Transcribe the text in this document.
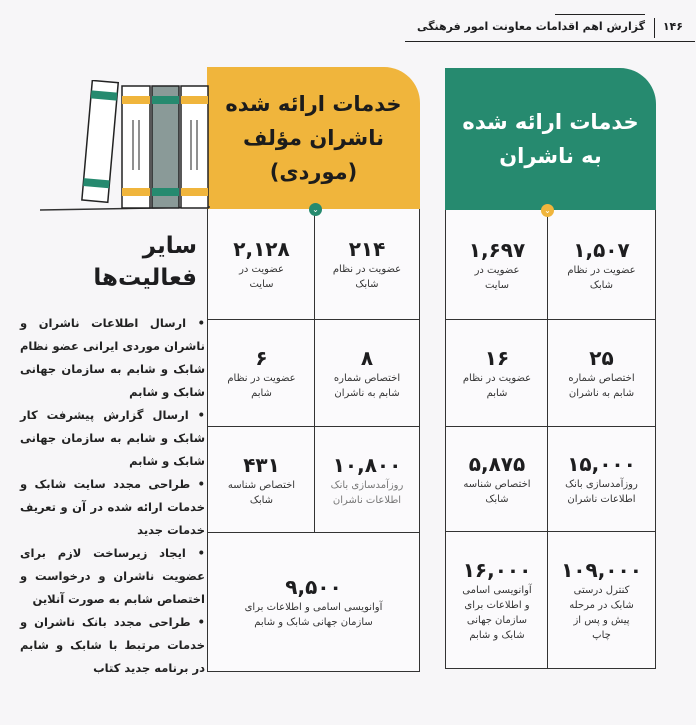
۱۴۶
گزارش اهم اقدامات معاونت امور فرهنگی
خدمات ارائه شده
به ناشران
۱,۵۰۷
عضویت در نظام شابک
۱,۶۹۷
عضویت در سایت
۲۵
اختصاص شماره شابم به ناشران
۱۶
عضویت در نظام شابم
۱۵,۰۰۰
روزآمدسازی بانک اطلاعات ناشران
۵,۸۷۵
اختصاص شناسه شابک
۱۰۹,۰۰۰
کنترل درستی شابک در مرحله پیش و پس از چاپ
۱۶,۰۰۰
آوانویسی اسامی و اطلاعات برای سازمان جهانی شابک و شابم
⌄
خدمات ارائه شده
ناشران مؤلف (موردی)
۲۱۴
عضویت در نظام شابک
۲,۱۲۸
عضویت در سایت
۸
اختصاص شماره شابم به ناشران
۶
عضویت در نظام شابم
۱۰,۸۰۰
روزآمدسازی بانک اطلاعات ناشران
۴۳۱
اختصاص شناسه شابک
۹,۵۰۰
آوانویسی اسامی و اطلاعات برای سازمان جهانی شابک و شابم
⌄
سایر
فعالیت‌ها
• ارسال اطلاعات ناشران و ناشران موردی ایرانی عضو نظام شابک و شابم به سازمان جهانی شابک و شابم
• ارسال گزارش پیشرفت کار شابک و شابم به سازمان جهانی شابک و شابم
• طراحی مجدد سایت شابک و خدمات ارائه شده در آن و تعریف خدمات جدید
• ایجاد زیرساخت لازم برای عضویت ناشران و درخواست و اختصاص شابم به صورت آنلاین
• طراحی مجدد بانک ناشران و خدمات مرتبط با شابک و شابم در برنامه جدید کتاب
